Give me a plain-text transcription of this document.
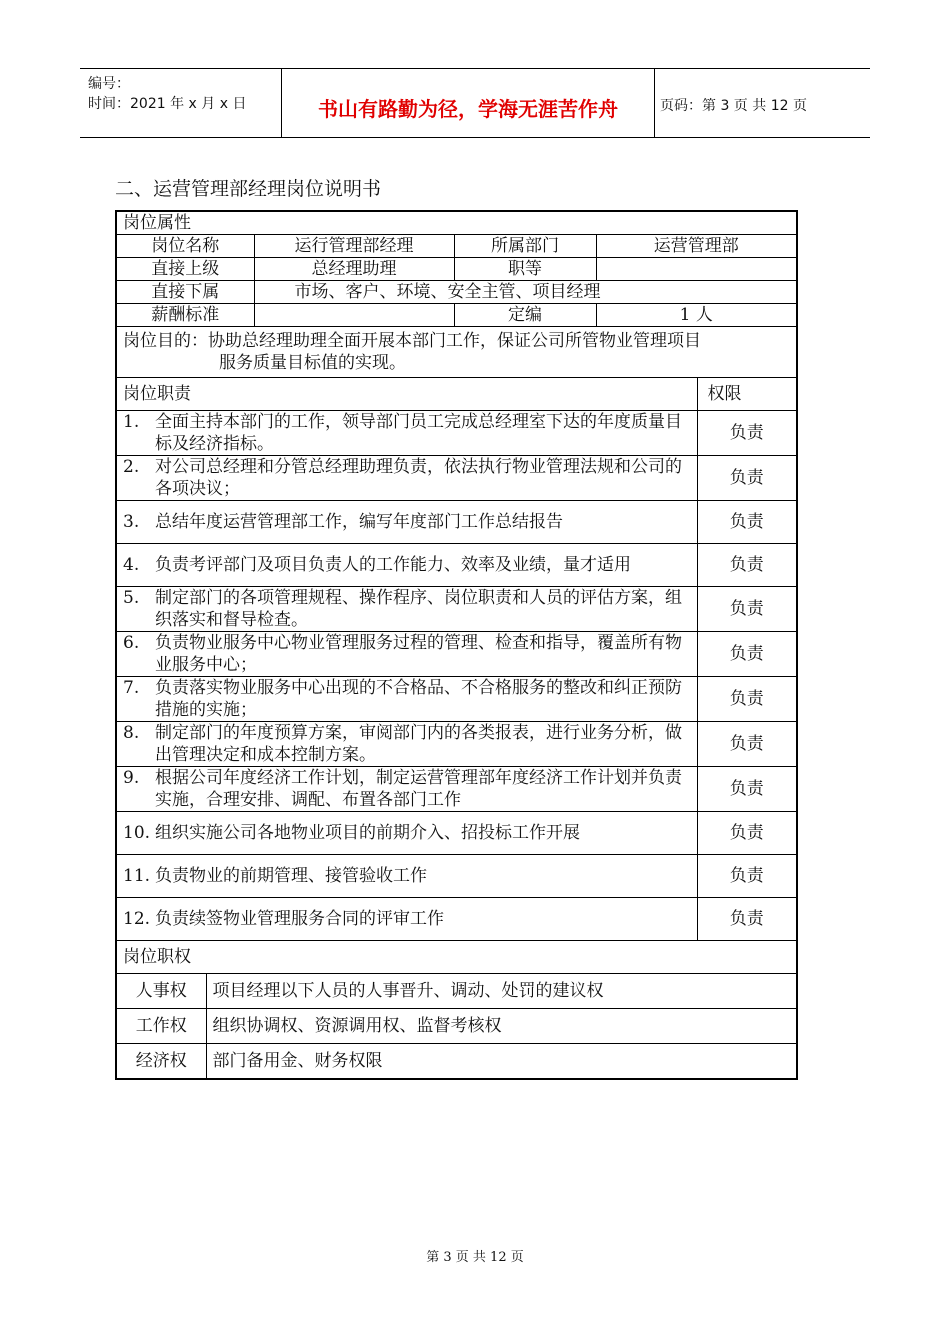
编号：
时间：2021 年 x 月 x 日	书山有路勤为径，学海无涯苦作舟	页码：第 3 页 共 12 页
二、运营管理部经理岗位说明书
岗位属性					
岗位名称		运行管理部经理	所属部门	运营管理部	
直接上级		总经理助理	职等		
直接下属		市场、客户、环境、安全主管、项目经理			
薪酬标准			定编	1 人	
岗位目的：协助总经理助理全面开展本部门工作，保证公司所管物业管理项目
服务质量目标值的实现。					
岗位职责					权限
1. 全面主持本部门的工作，领导部门员工完成总经理室下达的年度质量目标及经济指标。					负责
2. 对公司总经理和分管总经理助理负责，依法执行物业管理法规和公司的各项决议；					负责
3. 总结年度运营管理部工作，编写年度部门工作总结报告					负责
4. 负责考评部门及项目负责人的工作能力、效率及业绩，量才适用					负责
5. 制定部门的各项管理规程、操作程序、岗位职责和人员的评估方案，组织落实和督导检查。					负责
6. 负责物业服务中心物业管理服务过程的管理、检查和指导，覆盖所有物业服务中心；					负责
7. 负责落实物业服务中心出现的不合格品、不合格服务的整改和纠正预防措施的实施；					负责
8. 制定部门的年度预算方案，审阅部门内的各类报表，进行业务分析，做出管理决定和成本控制方案。					负责
9. 根据公司年度经济工作计划，制定运营管理部年度经济工作计划并负责实施，合理安排、调配、布置各部门工作					负责
10. 组织实施公司各地物业项目的前期介入、招投标工作开展					负责
11. 负责物业的前期管理、接管验收工作					负责
12. 负责续签物业管理服务合同的评审工作					负责
岗位职权					
人事权	项目经理以下人员的人事晋升、调动、处罚的建议权				
工作权	组织协调权、资源调用权、监督考核权				
经济权	部门备用金、财务权限				
第 3 页 共 12 页
